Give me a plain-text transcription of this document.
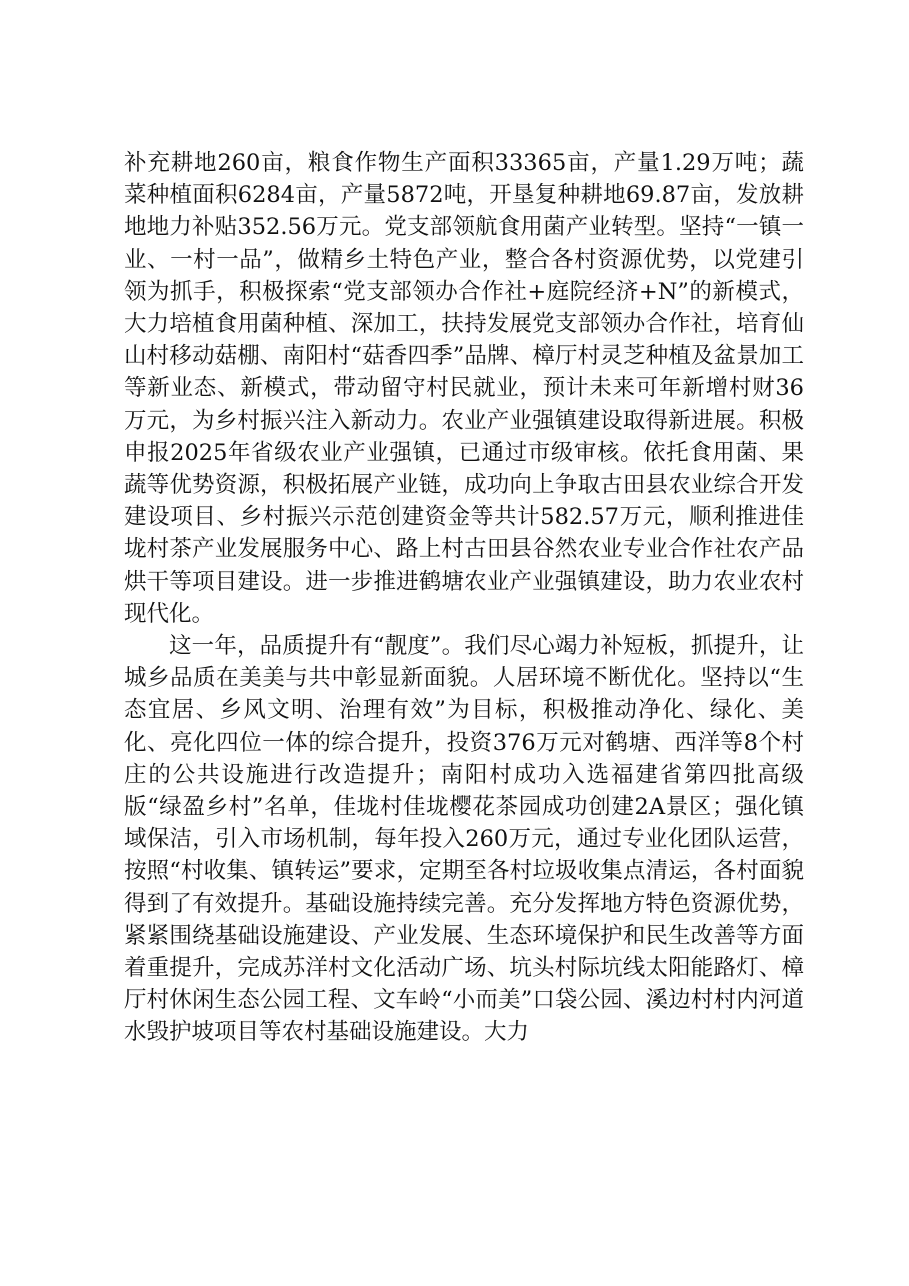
补充耕地260亩，粮食作物生产面积33365亩，产量1.29万吨；蔬菜种植面积6284亩，产量5872吨，开垦复种耕地69.87亩，发放耕地地力补贴352.56万元。党支部领航食用菌产业转型。坚持“一镇一业、一村一品”，做精乡土特色产业，整合各村资源优势，以党建引领为抓手，积极探索“党支部领办合作社+庭院经济+N”的新模式，大力培植食用菌种植、深加工，扶持发展党支部领办合作社，培育仙山村移动菇棚、南阳村“菇香四季”品牌、樟厅村灵芝种植及盆景加工等新业态、新模式，带动留守村民就业，预计未来可年新增村财36万元，为乡村振兴注入新动力。农业产业强镇建设取得新进展。积极申报2025年省级农业产业强镇，已通过市级审核。依托食用菌、果蔬等优势资源，积极拓展产业链，成功向上争取古田县农业综合开发建设项目、乡村振兴示范创建资金等共计582.57万元，顺利推进佳垅村茶产业发展服务中心、路上村古田县谷然农业专业合作社农产品烘干等项目建设。进一步推进鹤塘农业产业强镇建设，助力农业农村现代化。

这一年，品质提升有“靓度”。我们尽心竭力补短板，抓提升，让城乡品质在美美与共中彰显新面貌。人居环境不断优化。坚持以“生态宜居、乡风文明、治理有效”为目标，积极推动净化、绿化、美化、亮化四位一体的综合提升，投资376万元对鹤塘、西洋等8个村庄的公共设施进行改造提升；南阳村成功入选福建省第四批高级版“绿盈乡村”名单，佳垅村佳垅樱花茶园成功创建2A景区；强化镇域保洁，引入市场机制，每年投入260万元，通过专业化团队运营，按照“村收集、镇转运”要求，定期至各村垃圾收集点清运，各村面貌得到了有效提升。基础设施持续完善。充分发挥地方特色资源优势，紧紧围绕基础设施建设、产业发展、生态环境保护和民生改善等方面着重提升，完成苏洋村文化活动广场、坑头村际坑线太阳能路灯、樟厅村休闲生态公园工程、文车岭“小而美”口袋公园、溪边村村内河道水毁护坡项目等农村基础设施建设。大力
